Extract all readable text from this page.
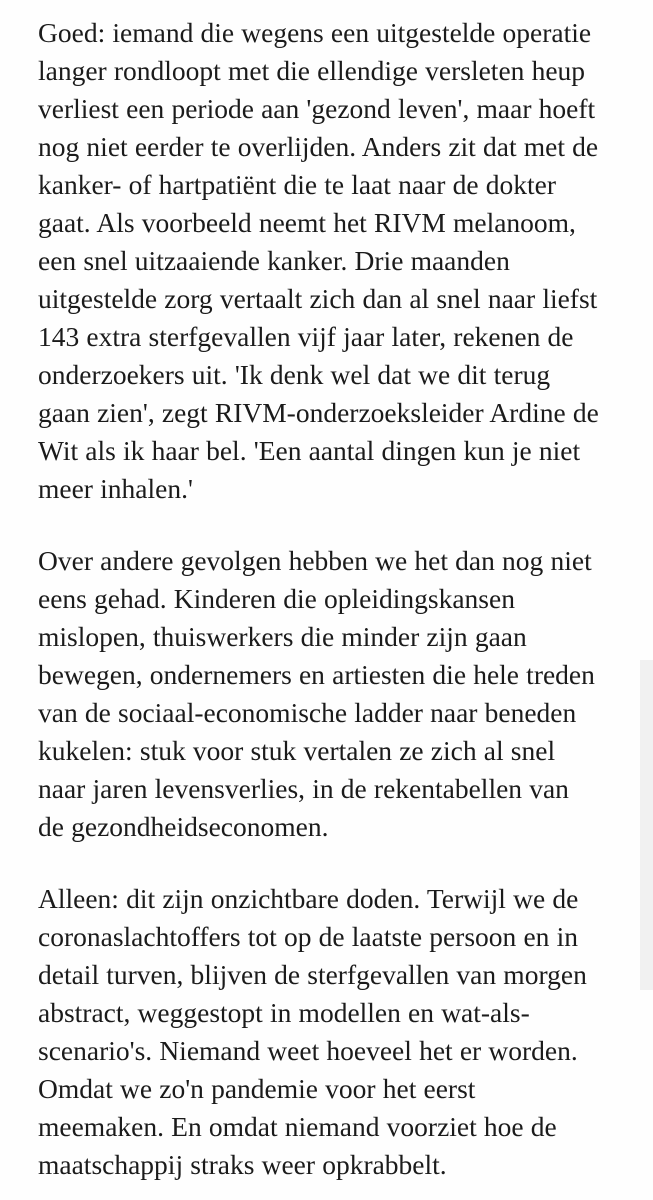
Goed: iemand die wegens een uitgestelde operatie langer rondloopt met die ellendige versleten heup verliest een periode aan 'gezond leven', maar hoeft nog niet eerder te overlijden. Anders zit dat met de kanker- of hartpatiënt die te laat naar de dokter gaat. Als voorbeeld neemt het RIVM melanoom, een snel uitzaaiende kanker. Drie maanden uitgestelde zorg vertaalt zich dan al snel naar liefst 143 extra sterfgevallen vijf jaar later, rekenen de onderzoekers uit. 'Ik denk wel dat we dit terug gaan zien', zegt RIVM-onderzoeksleider Ardine de Wit als ik haar bel. 'Een aantal dingen kun je niet meer inhalen.'

Over andere gevolgen hebben we het dan nog niet eens gehad. Kinderen die opleidingskansen mislopen, thuiswerkers die minder zijn gaan bewegen, ondernemers en artiesten die hele treden van de sociaal-economische ladder naar beneden kukelen: stuk voor stuk vertalen ze zich al snel naar jaren levensverlies, in de rekentabellen van de gezondheidseconomen.

Alleen: dit zijn onzichtbare doden. Terwijl we de coronaslachtoffers tot op de laatste persoon en in detail turven, blijven de sterfgevallen van morgen abstract, weggestopt in modellen en wat-als-scenario's. Niemand weet hoeveel het er worden. Omdat we zo'n pandemie voor het eerst meemaken. En omdat niemand voorziet hoe de maatschappij straks weer opkrabbelt.
